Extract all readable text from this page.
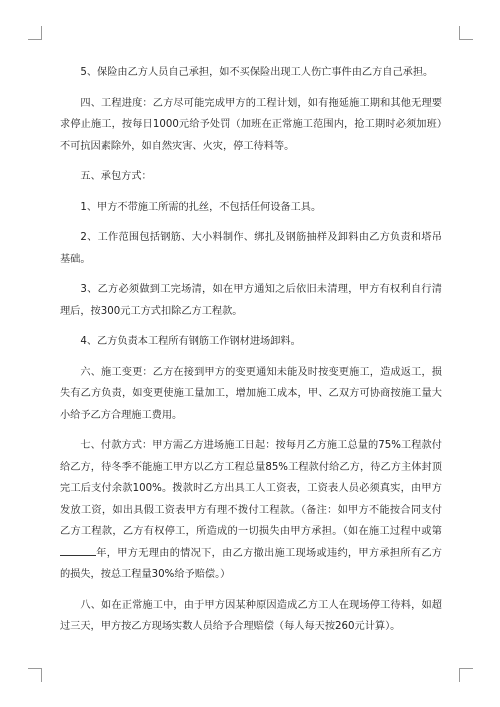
5、保险由乙方人员自己承担，如不买保险出现工人伤亡事件由乙方自己承担。

四、工程进度：乙方尽可能完成甲方的工程计划，如有拖延施工期和其他无理要求停止施工，按每日1000元给予处罚（加班在正常施工范围内，抢工期时必须加班）不可抗因素除外，如自然灾害、火灾，停工待料等。

五、承包方式：

1、甲方不带施工所需的扎丝，不包括任何设备工具。

2、工作范围包括钢筋、大小料制作、绑扎及钢筋抽样及卸料由乙方负责和塔吊基础。

3、乙方必须做到工完场清，如在甲方通知之后依旧未清理，甲方有权利自行清理后，按300元工方式扣除乙方工程款。

4、乙方负责本工程所有钢筋工作钢材进场卸料。

六、施工变更：乙方在接到甲方的变更通知未能及时按变更施工，造成返工，损失有乙方负责，如变更使施工量加工，增加施工成本，甲、乙双方可协商按施工量大小给予乙方合理施工费用。

七、付款方式：甲方需乙方进场施工日起：按每月乙方施工总量的75%工程款付给乙方，待冬季不能施工甲方以乙方工程总量85%工程款付给乙方，待乙方主体封顶完工后支付余款100%。拨款时乙方出具工人工资表，工资表人员必须真实，由甲方发放工资，如出具假工资表甲方有理不拨付工程款。（备注：如甲方不能按合同支付乙方工程款，乙方有权停工，所造成的一切损失由甲方承担。（如在施工过程中或第年，甲方无理由的情况下，由乙方撤出施工现场或违约，甲方承担所有乙方的损失，按总工程量30%给予赔偿。）

八、如在正常施工中，由于甲方因某种原因造成乙方工人在现场停工待料，如超过三天，甲方按乙方现场实数人员给予合理赔偿（每人每天按260元计算）。
